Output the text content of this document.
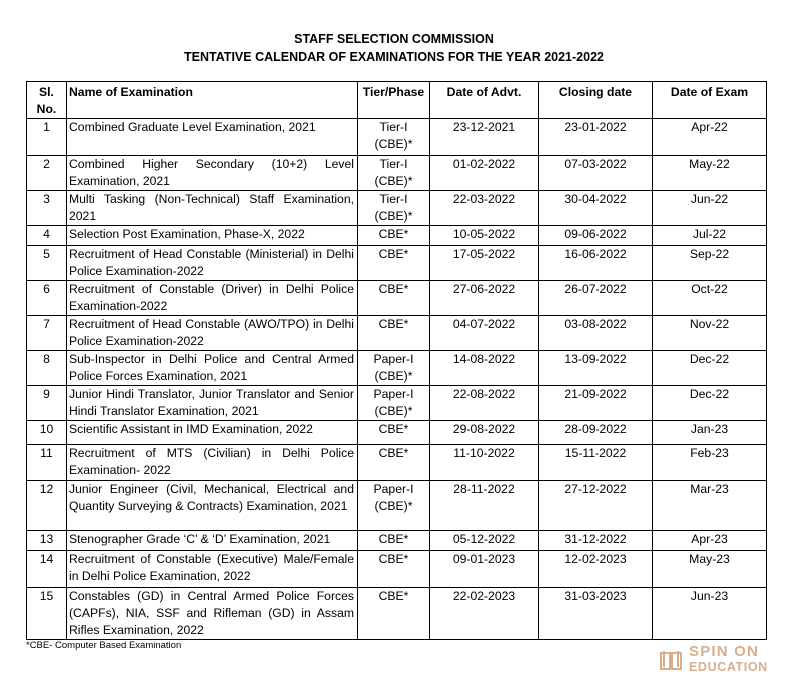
STAFF SELECTION COMMISSION
TENTATIVE CALENDAR OF EXAMINATIONS FOR THE YEAR 2021-2022
Sl. No.	Name of Examination	Tier/Phase	Date of Advt.	Closing date	Date of Exam
1	Combined Graduate Level Examination, 2021	Tier-I (CBE)*	23-12-2021	23-01-2022	Apr-22
2	Combined Higher Secondary (10+2) Level Examination, 2021	Tier-I (CBE)*	01-02-2022	07-03-2022	May-22
3	Multi Tasking (Non-Technical) Staff Examination, 2021	Tier-I (CBE)*	22-03-2022	30-04-2022	Jun-22
4	Selection Post Examination, Phase-X, 2022	CBE*	10-05-2022	09-06-2022	Jul-22
5	Recruitment of Head Constable (Ministerial) in Delhi Police Examination-2022	CBE*	17-05-2022	16-06-2022	Sep-22
6	Recruitment of Constable (Driver) in Delhi Police Examination-2022	CBE*	27-06-2022	26-07-2022	Oct-22
7	Recruitment of Head Constable (AWO/TPO) in Delhi Police Examination-2022	CBE*	04-07-2022	03-08-2022	Nov-22
8	Sub-Inspector in Delhi Police and Central Armed Police Forces Examination, 2021	Paper-I (CBE)*	14-08-2022	13-09-2022	Dec-22
9	Junior Hindi Translator, Junior Translator and Senior Hindi Translator Examination, 2021	Paper-I (CBE)*	22-08-2022	21-09-2022	Dec-22
10	Scientific Assistant in IMD Examination, 2022	CBE*	29-08-2022	28-09-2022	Jan-23
11	Recruitment of MTS (Civilian) in Delhi Police Examination- 2022	CBE*	11-10-2022	15-11-2022	Feb-23
12	Junior Engineer (Civil, Mechanical, Electrical and Quantity Surveying & Contracts) Examination, 2021	Paper-I (CBE)*	28-11-2022	27-12-2022	Mar-23
13	Stenographer Grade ‘C’ & ‘D’ Examination, 2021	CBE*	05-12-2022	31-12-2022	Apr-23
14	Recruitment of Constable (Executive) Male/Female in Delhi Police Examination, 2022	CBE*	09-01-2023	12-02-2023	May-23
15	Constables (GD) in Central Armed Police Forces (CAPFs), NIA, SSF and Rifleman (GD) in Assam Rifles Examination, 2022	CBE*	22-02-2023	31-03-2023	Jun-23
*CBE- Computer Based Examination	SPIN ON
EDUCATION
